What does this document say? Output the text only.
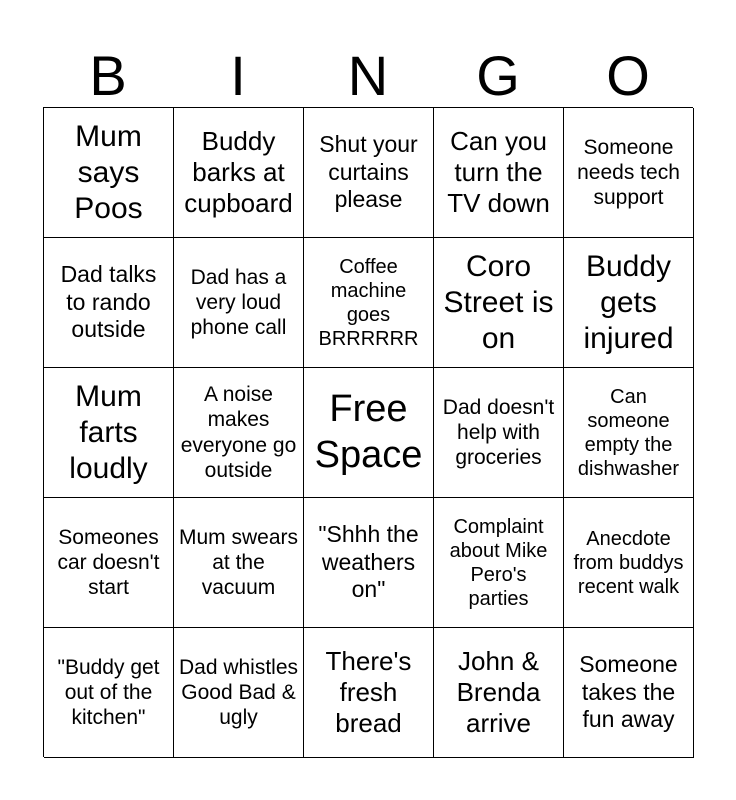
B	I	N	G	O
Mum says Poos
Buddy barks at cupboard
Shut your curtains please
Can you turn the TV down
Someone needs tech support
Dad talks to rando outside
Dad has a very loud phone call
Coffee machine goes BRRRRRR
Coro Street is on
Buddy gets injured
Mum farts loudly
A noise makes everyone go outside
Free Space
Dad doesn't help with groceries
Can someone empty the dishwasher
Someones car doesn't start
Mum swears at the vacuum
"Shhh the weathers on"
Complaint about Mike Pero's parties
Anecdote from buddys recent walk
"Buddy get out of the kitchen"
Dad whistles Good Bad & ugly
There's fresh bread
John & Brenda arrive
Someone takes the fun away
